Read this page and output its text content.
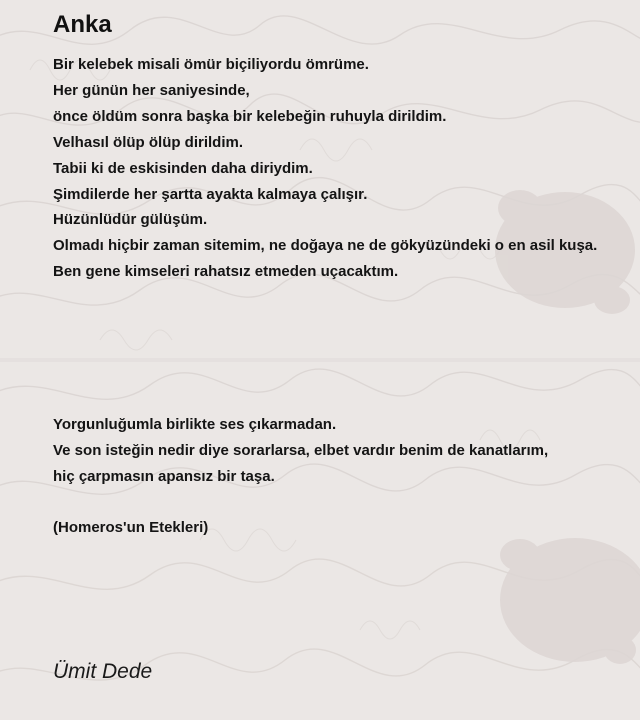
Anka
Bir kelebek misali ömür biçiliyordu ömrüme.
Her günün her saniyesinde,
önce öldüm sonra başka bir kelebeğin ruhuyla dirildim.
Velhasıl ölüp ölüp dirildim.
Tabii ki de eskisinden daha diriydim.
Şimdilerde her şartta ayakta kalmaya çalışır.
Hüzünlüdür gülüşüm.
Olmadı hiçbir zaman sitemim, ne doğaya ne de gökyüzündeki o en asil kuşa.
Ben gene kimseleri rahatsız etmeden uçacaktım.
Yorgunluğumla birlikte ses çıkarmadan.
Ve son isteğin nedir diye sorarlarsa, elbet vardır benim de kanatlarım,
hiç çarpmasın apansız bir taşa.
(Homeros'un Etekleri)
Ümit Dede
